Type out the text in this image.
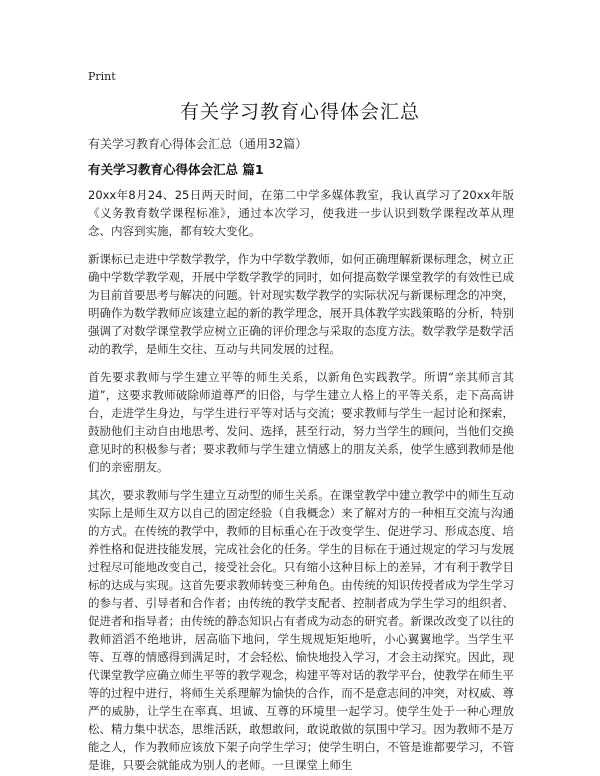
Print
有关学习教育心得体会汇总
有关学习教育心得体会汇总（通用32篇）
有关学习教育心得体会汇总 篇1

20xx年8月24、25日两天时间，在第二中学多媒体教室，我认真学习了20xx年版《义务教育数学课程标准》，通过本次学习，使我进一步认识到数学课程改革从理念、内容到实施，都有较大变化。

新课标已走进中学数学教学，作为中学数学教师，如何正确理解新课标理念，树立正确中学数学教学观，开展中学数学教学的同时，如何提高数学课堂教学的有效性已成为目前首要思考与解决的问题。针对现实数学教学的实际状况与新课标理念的冲突，明确作为数学教师应该建立起的新的教学理念，展开具体教学实践策略的分析，特别强调了对数学课堂教学应树立正确的评价理念与采取的态度方法。数学教学是数学活动的教学，是师生交往、互动与共同发展的过程。

首先要求教师与学生建立平等的师生关系，以新角色实践教学。所谓“亲其师言其道”，这要求教师破除师道尊严的旧俗，与学生建立人格上的平等关系，走下高高讲台，走进学生身边，与学生进行平等对话与交流；要求教师与学生一起讨论和探索，鼓励他们主动自由地思考、发问、选择，甚至行动，努力当学生的顾问，当他们交换意见时的积极参与者；要求教师与学生建立情感上的朋友关系，使学生感到教师是他们的亲密朋友。

其次，要求教师与学生建立互动型的师生关系。在课堂教学中建立教学中的师生互动实际上是师生双方以自己的固定经验（自我概念）来了解对方的一种相互交流与沟通的方式。在传统的教学中，教师的目标重心在于改变学生、促进学习、形成态度、培养性格和促进技能发展，完成社会化的任务。学生的目标在于通过规定的学习与发展过程尽可能地改变自己，接受社会化。只有缩小这种目标上的差异，才有利于教学目标的达成与实现。这首先要求教师转变三种角色。由传统的知识传授者成为学生学习的参与者、引导者和合作者；由传统的教学支配者、控制者成为学生学习的组织者、促进者和指导者；由传统的静态知识占有者成为动态的研究者。新课改改变了以往的教师滔滔不绝地讲，居高临下地问，学生规规矩矩地听，小心翼翼地学。当学生平等、互尊的情感得到满足时，才会轻松、愉快地投入学习，才会主动探究。因此，现代课堂教学应确立师生平等的教学观念，构建平等对话的教学平台，使教学在师生平等的过程中进行，将师生关系理解为愉快的合作，而不是意志间的冲突，对权威、尊严的威胁，让学生在率真、坦诚、互尊的环境里一起学习。使学生处于一种心理放松、精力集中状态，思维活跃，敢想敢问，敢说敢做的氛围中学习。因为教师不是万能之人，作为教师应该放下架子向学生学习；使学生明白，不管是谁都要学习，不管是谁，只要会就能成为别人的老师。一旦课堂上师生
